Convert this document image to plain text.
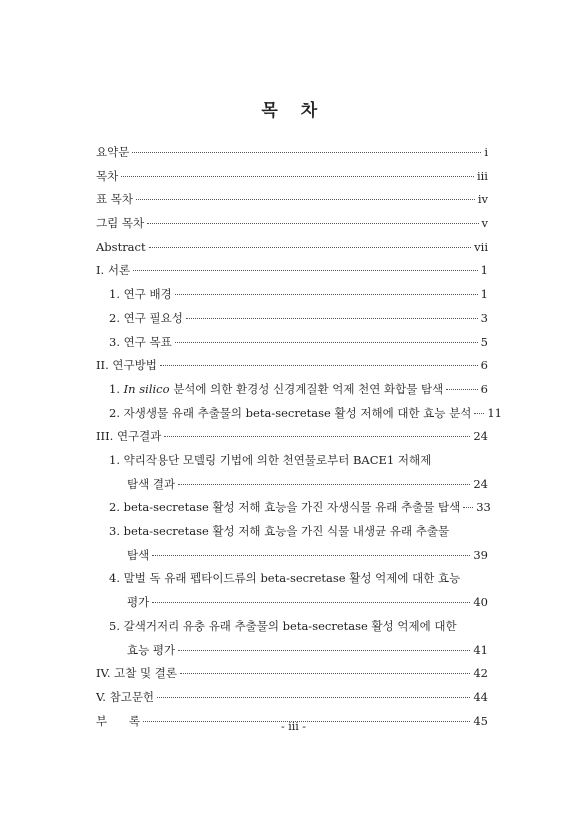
목 차
요약문	i
목차	iii
표 목차	iv
그림 목차	v
Abstract	vii
I. 서론	1
1. 연구 배경	1
2. 연구 필요성	3
3. 연구 목표	5
II. 연구방법	6
1. In silico 분석에 의한 환경성 신경계질환 억제 천연 화합물 탐색	6
2. 자생생물 유래 추출물의 beta-secretase 활성 저해에 대한 효능 분석 11
III. 연구결과	24
1. 약리작용단 모델링 기법에 의한 천연물로부터 BACE1 저해제
탐색 결과	24
2. beta-secretase 활성 저해 효능을 가진 자생식물 유래 추출물 탐색 33
3. beta-secretase 활성 저해 효능을 가진 식물 내생균 유래 추출물
탐색	39
4. 말벌 독 유래 펩타이드류의 beta-secretase 활성 억제에 대한 효능
평가	40
5. 갈색거저리 유충 유래 추출물의 beta-secretase 활성 억제에 대한
효능 평가	41
IV. 고찰 및 결론	42
V. 참고문헌	44
부      록	45
- iii -
